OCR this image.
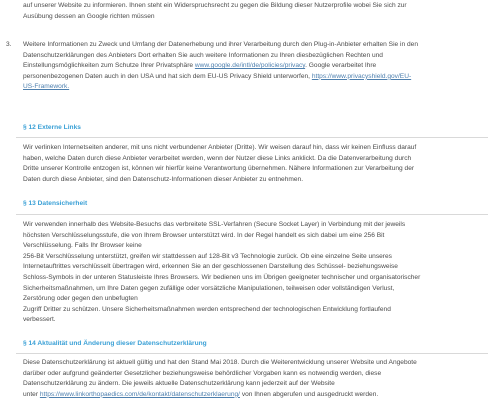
auf unserer Website zu informieren. Ihnen steht ein Widerspruchsrecht zu gegen die Bildung dieser Nutzerprofile wobei Sie sich zur
Ausübung dessen an Google richten müssen
3. Weitere Informationen zu Zweck und Umfang der Datenerhebung und ihrer Verarbeitung durch den Plug-in-Anbieter erhalten Sie in den
Datenschutzerklärungen des Anbieters Dort erhalten Sie auch weitere Informationen zu Ihren diesbezüglichen Rechten und
Einstellungsmöglichkeiten zum Schutze Ihrer Privatsphäre www.google.de/intl/de/policies/privacy. Google verarbeitet Ihre
personenbezogenen Daten auch in den USA und hat sich dem EU-US Privacy Shield unterworfen, https://www.privacyshield.gov/EU-
US-Framework.
§ 12 Externe Links
Wir verlinken Internetseiten anderer, mit uns nicht verbundener Anbieter (Dritte). Wir weisen darauf hin, dass wir keinen Einfluss darauf
haben, welche Daten durch diese Anbieter verarbeitet werden, wenn der Nutzer diese Links anklickt. Da die Datenverarbeitung durch
Dritte unserer Kontrolle entzogen ist, können wir hierfür keine Verantwortung übernehmen. Nähere Informationen zur Verarbeitung der
Daten durch diese Anbieter, sind den Datenschutz-Informationen dieser Anbieter zu entnehmen.
§ 13 Datensicherheit
Wir verwenden innerhalb des Website-Besuchs das verbreitete SSL-Verfahren (Secure Socket Layer) in Verbindung mit der jeweils
höchsten Verschlüsselungsstufe, die von Ihrem Browser unterstützt wird. In der Regel handelt es sich dabei um eine 256 Bit
Verschlüsselung. Falls Ihr Browser keine
256-Bit Verschlüsselung unterstützt, greifen wir stattdessen auf 128-Bit v3 Technologie zurück. Ob eine einzelne Seite unseres
Internetauftrittes verschlüsselt übertragen wird, erkennen Sie an der geschlossenen Darstellung des Schüssel- beziehungsweise
Schloss-Symbols in der unteren Statusleiste Ihres Browsers. Wir bedienen uns im Übrigen geeigneter technischer und organisatorischer
Sicherheitsmaßnahmen, um Ihre Daten gegen zufällige oder vorsätzliche Manipulationen, teilweisen oder vollständigen Verlust,
Zerstörung oder gegen den unbefugten
Zugriff Dritter zu schützen. Unsere Sicherheitsmaßnahmen werden entsprechend der technologischen Entwicklung fortlaufend
verbessert.
§ 14 Aktualität und Änderung dieser Datenschutzerklärung
Diese Datenschutzerklärung ist aktuell gültig und hat den Stand Mai 2018. Durch die Weiterentwicklung unserer Website und Angebote
darüber oder aufgrund geänderter Gesetzlicher beziehungsweise behördlicher Vorgaben kann es notwendig werden, diese
Datenschutzerklärung zu ändern. Die jeweils aktuelle Datenschutzerklärung kann jederzeit auf der Website
unter https://www.linkorthopaedics.com/de/kontakt/datenschutzerklaerung/ von Ihnen abgerufen und ausgedruckt werden.
